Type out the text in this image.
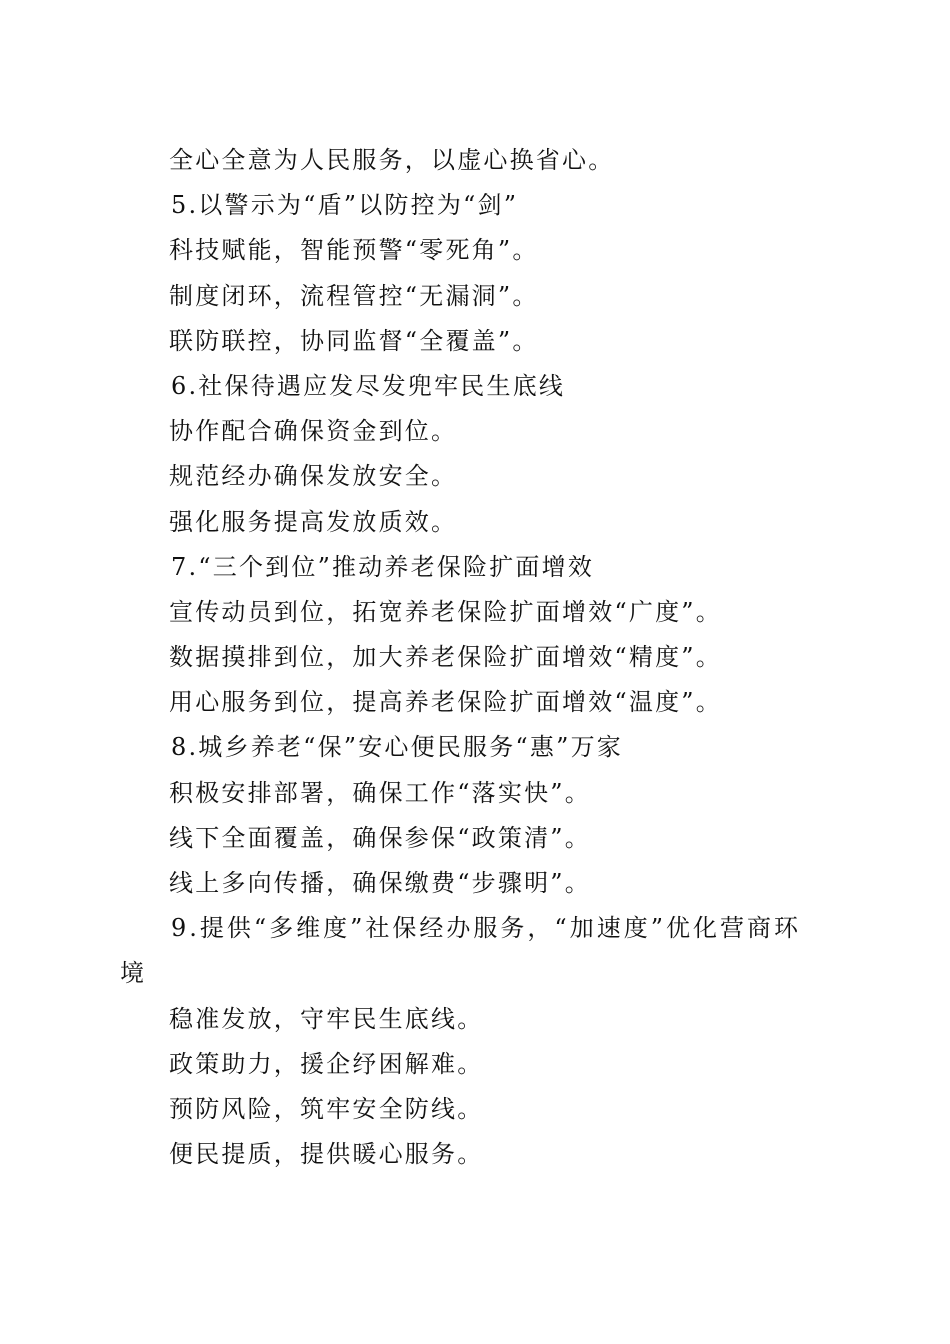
全心全意为人民服务，以虚心换省心。
5.以警示为“盾”以防控为“剑”
科技赋能，智能预警“零死角”。
制度闭环，流程管控“无漏洞”。
联防联控，协同监督“全覆盖”。
6.社保待遇应发尽发兜牢民生底线
协作配合确保资金到位。
规范经办确保发放安全。
强化服务提高发放质效。
7.“三个到位”推动养老保险扩面增效
宣传动员到位，拓宽养老保险扩面增效“广度”。
数据摸排到位，加大养老保险扩面增效“精度”。
用心服务到位，提高养老保险扩面增效“温度”。
8.城乡养老“保”安心便民服务“惠”万家
积极安排部署，确保工作“落实快”。
线下全面覆盖，确保参保“政策清”。
线上多向传播，确保缴费“步骤明”。
9.提供“多维度”社保经办服务，“加速度”优化营商环
境
稳准发放，守牢民生底线。
政策助力，援企纾困解难。
预防风险，筑牢安全防线。
便民提质，提供暖心服务。
